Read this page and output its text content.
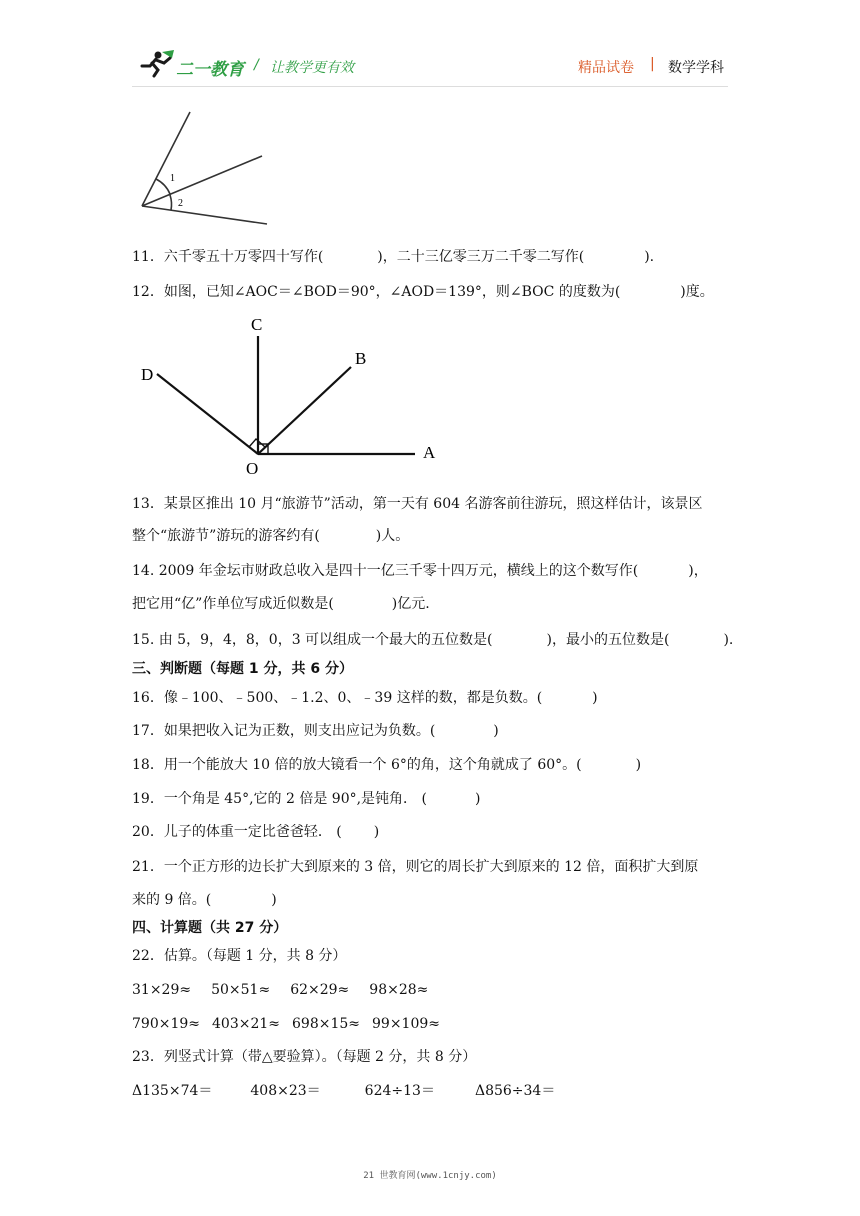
二一教育 / 让教学更有效	精品试卷 | 数学学科
1
2
11．六千零五十万零四十写作(	)，二十三亿零三万二千零二写作(	).
12．如图，已知∠AOC＝∠BOD＝90°，∠AOD＝139°，则∠BOC 的度数为(	)度。
C
D
B
O
A
13．某景区推出 10 月“旅游节”活动，第一天有 604 名游客前往游玩，照这样估计，该景区
整个“旅游节”游玩的游客约有(	)人。
14. 2009 年金坛市财政总收入是四十一亿三千零十四万元，横线上的这个数写作(	)，
把它用“亿”作单位写成近似数是(	)亿元.
15. 由 5，9，4，8，0，3 可以组成一个最大的五位数是(	)，最小的五位数是(	).
三、判断题（每题 1 分，共 6 分）
16．像﹣100、﹣500、﹣1.2、0、﹣39 这样的数，都是负数。(	)
17．如果把收入记为正数，则支出应记为负数。(	)
18．用一个能放大 10 倍的放大镜看一个 6°的角，这个角就成了 60°。(	)
19．一个角是 45°,它的 2 倍是 90°,是钝角． (	)
20．儿子的体重一定比爸爸轻． ( )
21．一个正方形的边长扩大到原来的 3 倍，则它的周长扩大到原来的 12 倍，面积扩大到原
来的 9 倍。(	)
四、计算题（共 27 分）
22．估算。（每题 1 分，共 8 分）
31×29≈ 50×51≈ 62×29≈ 98×28≈
790×19≈ 403×21≈ 698×15≈ 99×109≈
23．列竖式计算（带△要验算）。（每题 2 分，共 8 分）
Δ135×74＝	408×23＝	624÷13＝	Δ856÷34＝
21 世教育网(www.1cnjy.com)
